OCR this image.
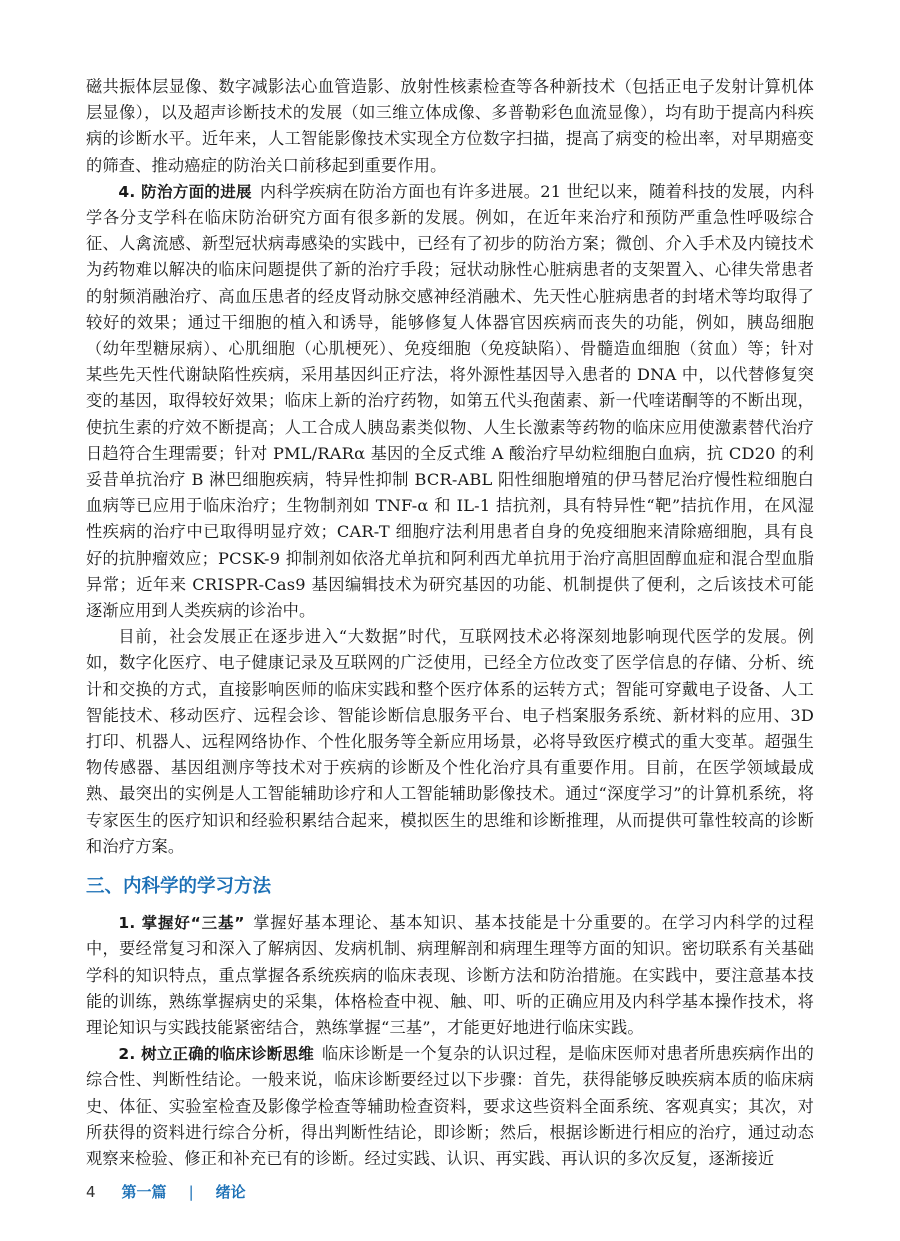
磁共振体层显像、数字减影法心血管造影、放射性核素检查等各种新技术（包括正电子发射计算机体层显像），以及超声诊断技术的发展（如三维立体成像、多普勒彩色血流显像），均有助于提高内科疾病的诊断水平。近年来，人工智能影像技术实现全方位数字扫描，提高了病变的检出率，对早期癌变的筛查、推动癌症的防治关口前移起到重要作用。

4. 防治方面的进展 内科学疾病在防治方面也有许多进展。21 世纪以来，随着科技的发展，内科学各分支学科在临床防治研究方面有很多新的发展。例如，在近年来治疗和预防严重急性呼吸综合征、人禽流感、新型冠状病毒感染的实践中，已经有了初步的防治方案；微创、介入手术及内镜技术为药物难以解决的临床问题提供了新的治疗手段；冠状动脉性心脏病患者的支架置入、心律失常患者的射频消融治疗、高血压患者的经皮肾动脉交感神经消融术、先天性心脏病患者的封堵术等均取得了较好的效果；通过干细胞的植入和诱导，能够修复人体器官因疾病而丧失的功能，例如，胰岛细胞（幼年型糖尿病）、心肌细胞（心肌梗死）、免疫细胞（免疫缺陷）、骨髓造血细胞（贫血）等；针对某些先天性代谢缺陷性疾病，采用基因纠正疗法，将外源性基因导入患者的 DNA 中，以代替修复突变的基因，取得较好效果；临床上新的治疗药物，如第五代头孢菌素、新一代喹诺酮等的不断出现，使抗生素的疗效不断提高；人工合成人胰岛素类似物、人生长激素等药物的临床应用使激素替代治疗日趋符合生理需要；针对 PML/RARα 基因的全反式维 A 酸治疗早幼粒细胞白血病，抗 CD20 的利妥昔单抗治疗 B 淋巴细胞疾病，特异性抑制 BCR-ABL 阳性细胞增殖的伊马替尼治疗慢性粒细胞白血病等已应用于临床治疗；生物制剂如 TNF-α 和 IL-1 拮抗剂，具有特异性“靶”拮抗作用，在风湿性疾病的治疗中已取得明显疗效；CAR-T 细胞疗法利用患者自身的免疫细胞来清除癌细胞，具有良好的抗肿瘤效应；PCSK-9 抑制剂如依洛尤单抗和阿利西尤单抗用于治疗高胆固醇血症和混合型血脂异常；近年来 CRISPR-Cas9 基因编辑技术为研究基因的功能、机制提供了便利，之后该技术可能逐渐应用到人类疾病的诊治中。

目前，社会发展正在逐步进入“大数据”时代，互联网技术必将深刻地影响现代医学的发展。例如，数字化医疗、电子健康记录及互联网的广泛使用，已经全方位改变了医学信息的存储、分析、统计和交换的方式，直接影响医师的临床实践和整个医疗体系的运转方式；智能可穿戴电子设备、人工智能技术、移动医疗、远程会诊、智能诊断信息服务平台、电子档案服务系统、新材料的应用、3D 打印、机器人、远程网络协作、个性化服务等全新应用场景，必将导致医疗模式的重大变革。超强生物传感器、基因组测序等技术对于疾病的诊断及个性化治疗具有重要作用。目前，在医学领域最成熟、最突出的实例是人工智能辅助诊疗和人工智能辅助影像技术。通过“深度学习”的计算机系统，将专家医生的医疗知识和经验积累结合起来，模拟医生的思维和诊断推理，从而提供可靠性较高的诊断和治疗方案。

三、内科学的学习方法

1. 掌握好“三基” 掌握好基本理论、基本知识、基本技能是十分重要的。在学习内科学的过程中，要经常复习和深入了解病因、发病机制、病理解剖和病理生理等方面的知识。密切联系有关基础学科的知识特点，重点掌握各系统疾病的临床表现、诊断方法和防治措施。在实践中，要注意基本技能的训练，熟练掌握病史的采集，体格检查中视、触、叩、听的正确应用及内科学基本操作技术，将理论知识与实践技能紧密结合，熟练掌握“三基”，才能更好地进行临床实践。

2. 树立正确的临床诊断思维 临床诊断是一个复杂的认识过程，是临床医师对患者所患疾病作出的综合性、判断性结论。一般来说，临床诊断要经过以下步骤：首先，获得能够反映疾病本质的临床病史、体征、实验室检查及影像学检查等辅助检查资料，要求这些资料全面系统、客观真实；其次，对所获得的资料进行综合分析，得出判断性结论，即诊断；然后，根据诊断进行相应的治疗，通过动态观察来检验、修正和补充已有的诊断。经过实践、认识、再实践、再认识的多次反复，逐渐接近

4 第一篇 | 绪论
